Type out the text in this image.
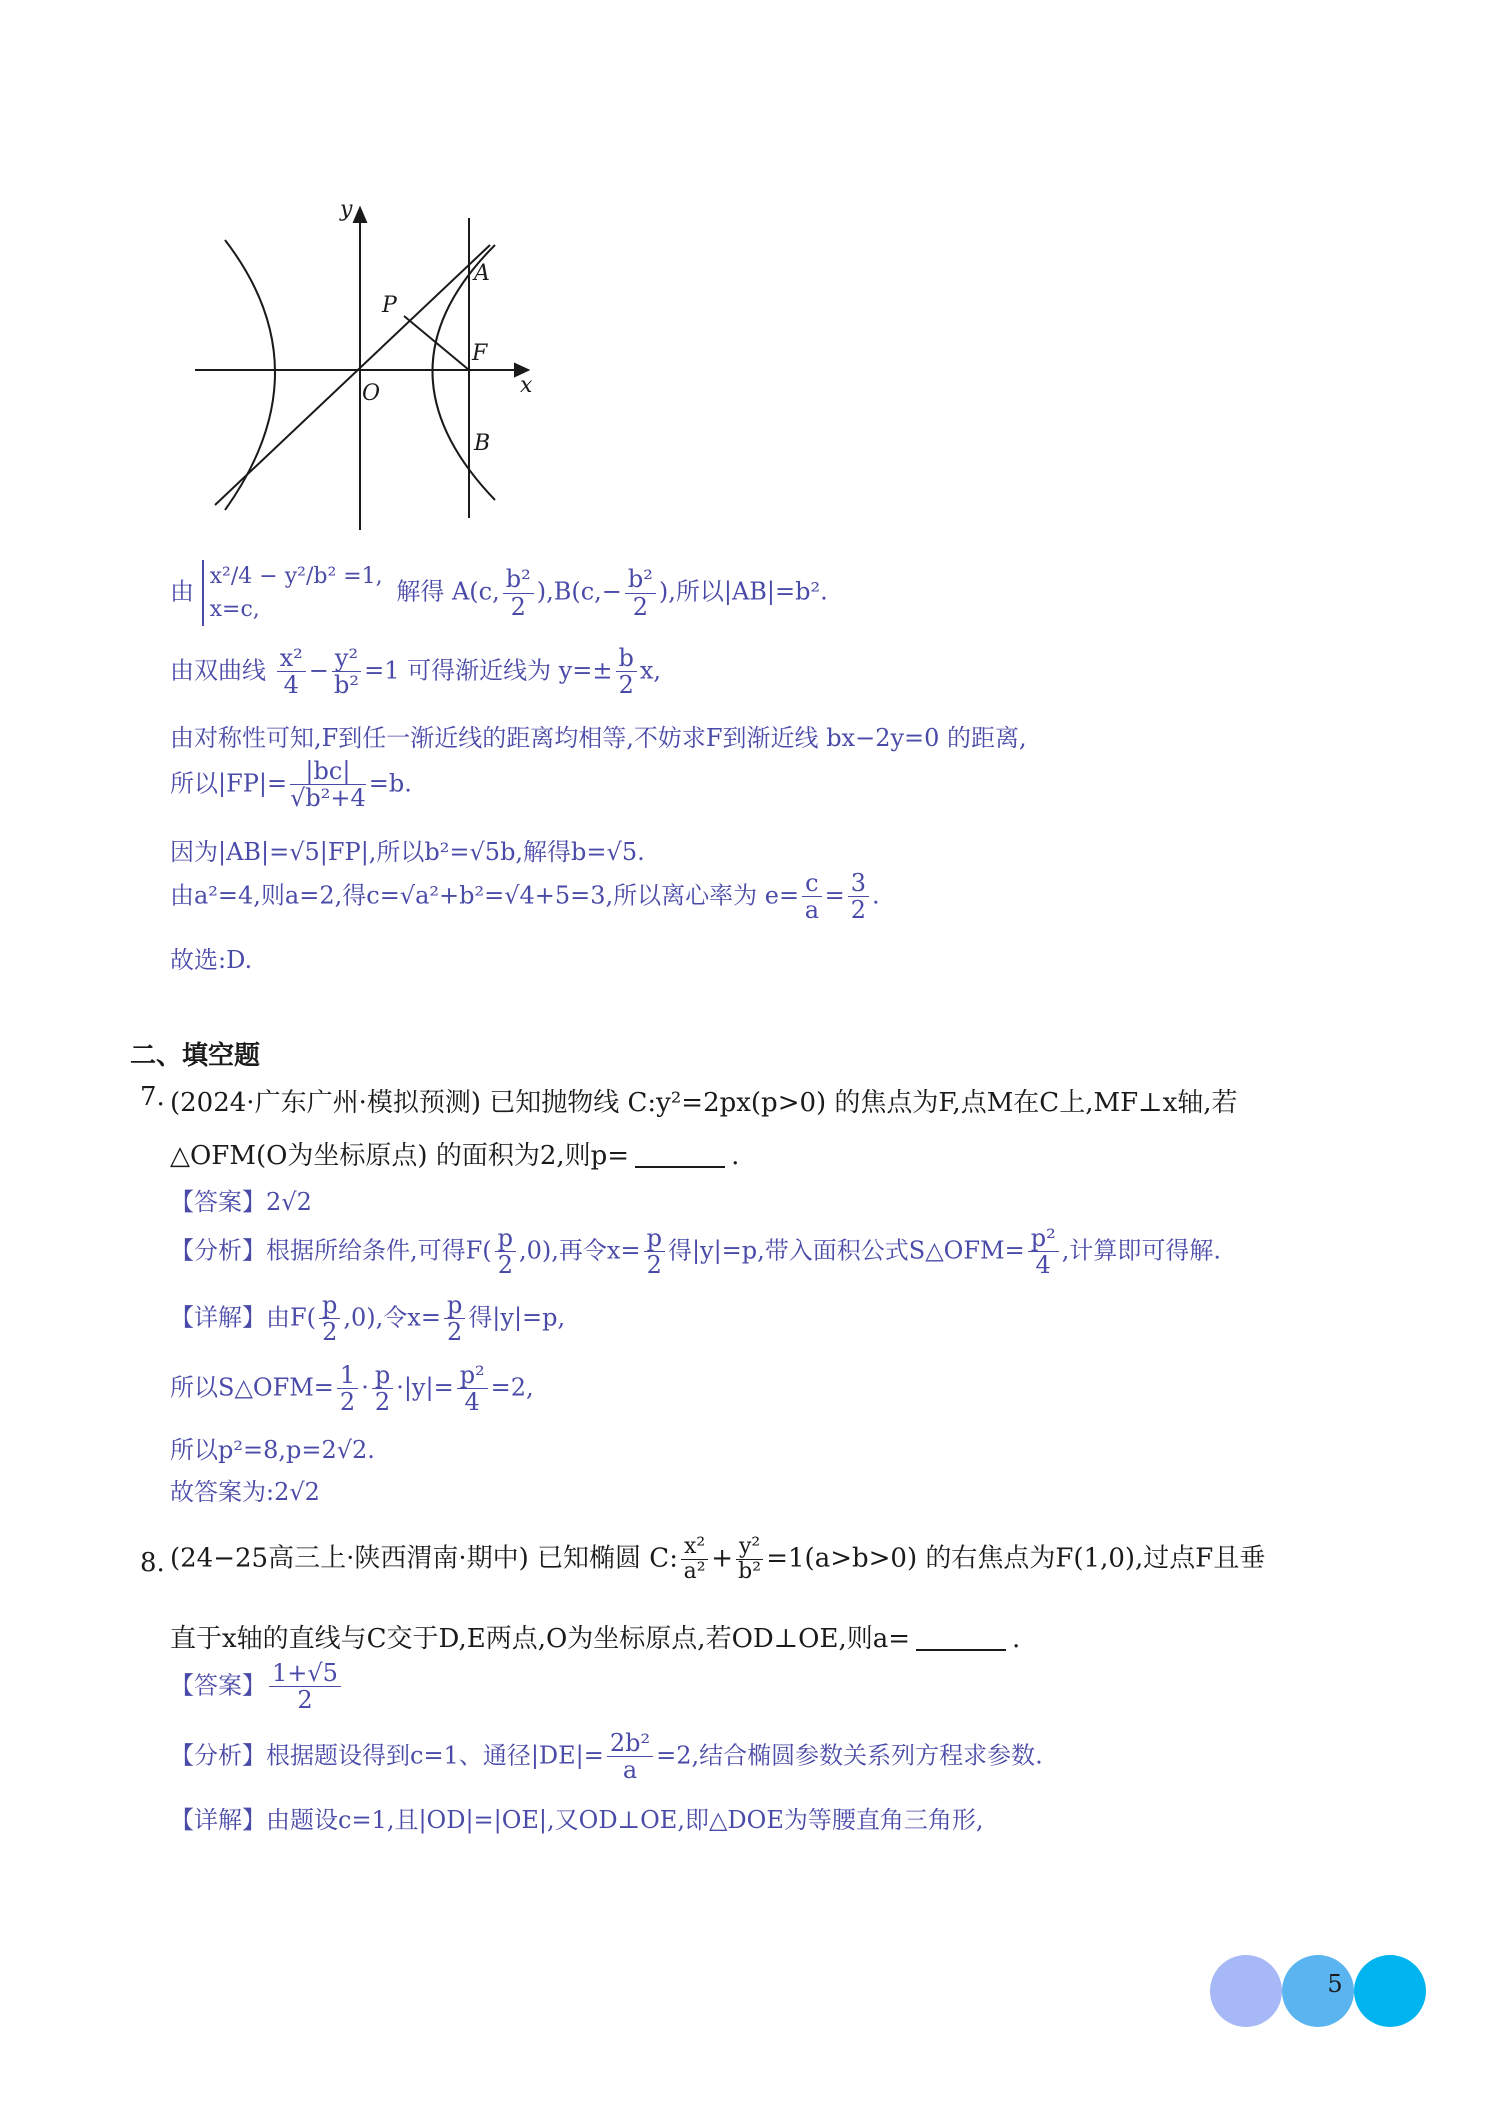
y
x
O
P
A
F
B
由
x²/4 − y²/b² =1,
x=c,
解得 A(c, $\frac{\text{b²}}{2} ),B(c,- \frac{\text{b²}}{2}$ ),所以|AB|=b².
由双曲线 $\frac{\text{x²}}{4} - \frac{\text{y²}}{\text{b²}} =1$ 可得渐近线为 $y=\pm \frac{b}{2} x$,
由对称性可知,F到任一渐近线的距离均相等,不妨求F到渐近线 bx−2y=0 的距离,
所以$|FP|= \frac{|bc|}{\text{√b²+4}} =b$.
因为|AB|=√5|FP|,所以b²=√5b,解得b=√5.
由a²=4,则a=2,得c=√a²+b²=√4+5=3,所以离心率为 $e= \frac{c}{a} = \frac{3}{2}$ .
故选:D.
二、填空题
7. (2024·广东广州·模拟预测) 已知抛物线 C:y²=2px(p>0) 的焦点为F,点M在C上,MF⊥x轴,若
△OFM(O为坐标原点) 的面积为2,则p=	.
【答案】2√2
【分析】根据所给条件,可得$F( \frac{p}{2} ,0)$,再令$x= \frac{p}{2}$ 得|y|=p,带入面积公式S△OFM= $\frac{\text{p²}}{4}$ ,计算即可得解.
【详解】由$F( \frac{p}{2} ,0)$,令$x= \frac{p}{2}$ 得|y|=p,
所以S△OFM= $\frac{1}{2} \cdot \frac{p}{2} \cdot|y|= \frac{\text{p²}}{4} =2$,
所以p²=8,p=2√2.
故答案为:2√2
8. (24−25高三上·陕西渭南·期中) 已知椭圆 C: $\frac{\text{x²}}{\text{a²}} + \frac{\text{y²}}{\text{b²}} =1(a>b>0)$ 的右焦点为F(1,0),过点F且垂
直于x轴的直线与C交于D,E两点,O为坐标原点,若OD⊥OE,则a=	.
【答案】 $\frac{1+√5}{2}$
【分析】根据题设得到c=1、通径$|DE|= \frac{\text{2b²}}{a} =2$,结合椭圆参数关系列方程求参数.
【详解】由题设c=1,且|OD|=|OE|,又OD⊥OE,即△DOE为等腰直角三角形,
5
